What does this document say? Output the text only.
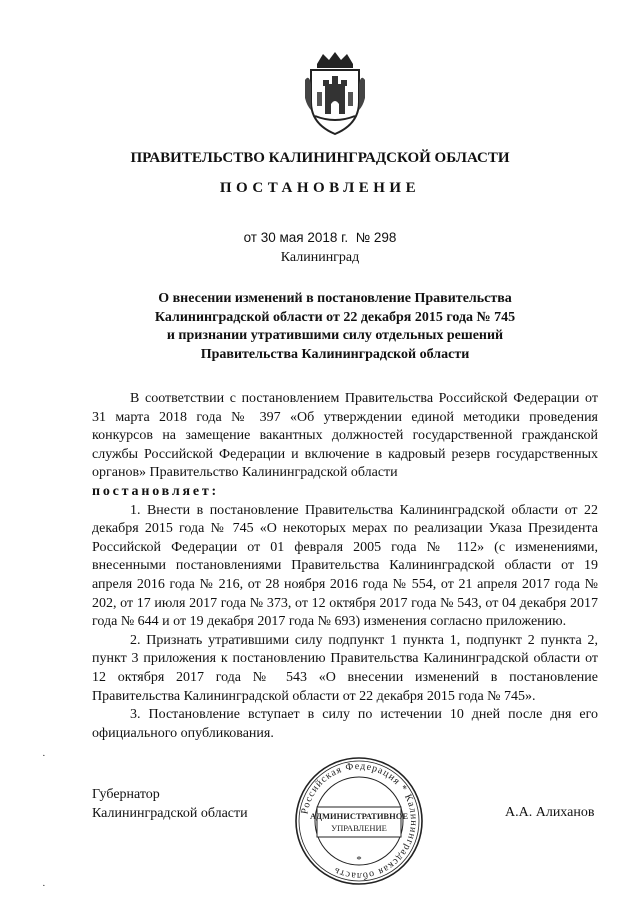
ПРАВИТЕЛЬСТВО КАЛИНИНГРАДСКОЙ ОБЛАСТИ
ПОСТАНОВЛЕНИЕ
от 30 мая 2018 г.  № 298
Калининград
О внесении изменений в постановление Правительства
Калининградской области от 22 декабря 2015 года № 745
и признании утратившими силу отдельных решений
Правительства Калининградской области

В соответствии с постановлением Правительства Российской Федерации от 31 марта 2018 года № 397 «Об утверждении единой методики проведения конкурсов на замещение вакантных должностей государственной гражданской службы Российской Федерации и включение в кадровый резерв государственных органов» Правительство Калининградской области

постановляет:

1. Внести в постановление Правительства Калининградской области от 22 декабря 2015 года № 745 «О некоторых мерах по реализации Указа Президента Российской Федерации от 01 февраля 2005 года № 112» (с изменениями, внесенными постановлениями Правительства Калининградской области от 19 апреля 2016 года № 216, от 28 ноября 2016 года № 554, от 21 апреля 2017 года № 202, от 17 июля 2017 года № 373, от 12 октября 2017 года № 543, от 04 декабря 2017 года № 644 и от 19 декабря 2017 года № 693) изменения согласно приложению.

2. Признать утратившими силу подпункт 1 пункта 1, подпункт 2 пункта 2, пункт 3 приложения к постановлению Правительства Калининградской области от 12 октября 2017 года № 543 «О внесении изменений в постановление Правительства Калининградской области от 22 декабря 2015 года № 745».

3. Постановление вступает в силу по истечении 10 дней после дня его официального опубликования.

·
·
Губернатор
Калининградской области	Российская Федерация * Калининградская область
АДМИНИСТРАТИВНОЕ
УПРАВЛЕНИЕ
*
А.А. Алиханов
